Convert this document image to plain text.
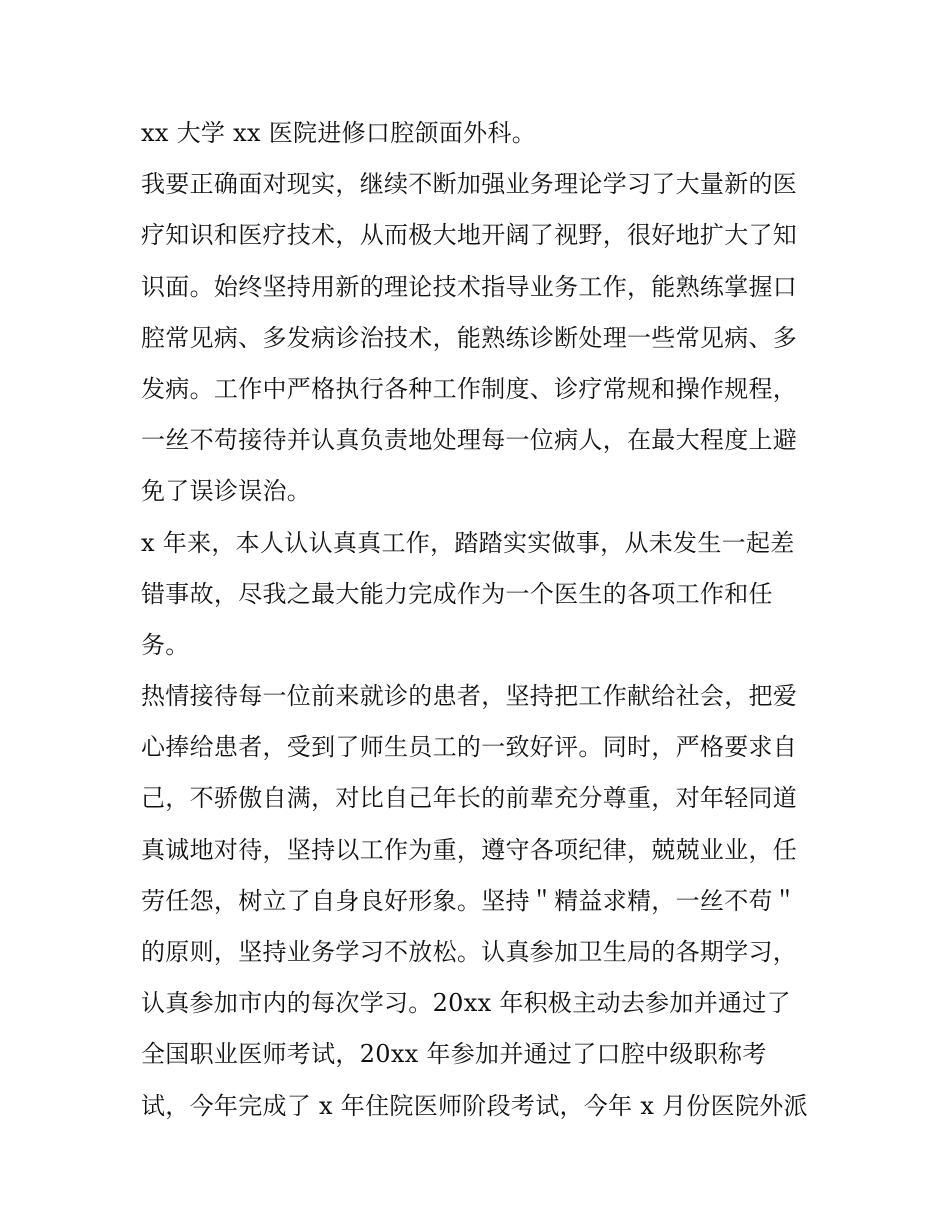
xx 大学 xx 医院进修口腔颌面外科。
我要正确面对现实，继续不断加强业务理论学习了大量新的医
疗知识和医疗技术，从而极大地开阔了视野，很好地扩大了知
识面。始终坚持用新的理论技术指导业务工作，能熟练掌握口
腔常见病、多发病诊治技术，能熟练诊断处理一些常见病、多
发病。工作中严格执行各种工作制度、诊疗常规和操作规程，
一丝不苟接待并认真负责地处理每一位病人，在最大程度上避
免了误诊误治。
x 年来，本人认认真真工作，踏踏实实做事，从未发生一起差
错事故，尽我之最大能力完成作为一个医生的各项工作和任
务。
热情接待每一位前来就诊的患者，坚持把工作献给社会，把爱
心捧给患者，受到了师生员工的一致好评。同时，严格要求自
己，不骄傲自满，对比自己年长的前辈充分尊重，对年轻同道
真诚地对待，坚持以工作为重，遵守各项纪律，兢兢业业，任
劳任怨，树立了自身良好形象。坚持＂精益求精，一丝不苟＂
的原则，坚持业务学习不放松。认真参加卫生局的各期学习，
认真参加市内的每次学习。20xx 年积极主动去参加并通过了
全国职业医师考试，20xx 年参加并通过了口腔中级职称考
试，今年完成了 x 年住院医师阶段考试，今年 x 月份医院外派
